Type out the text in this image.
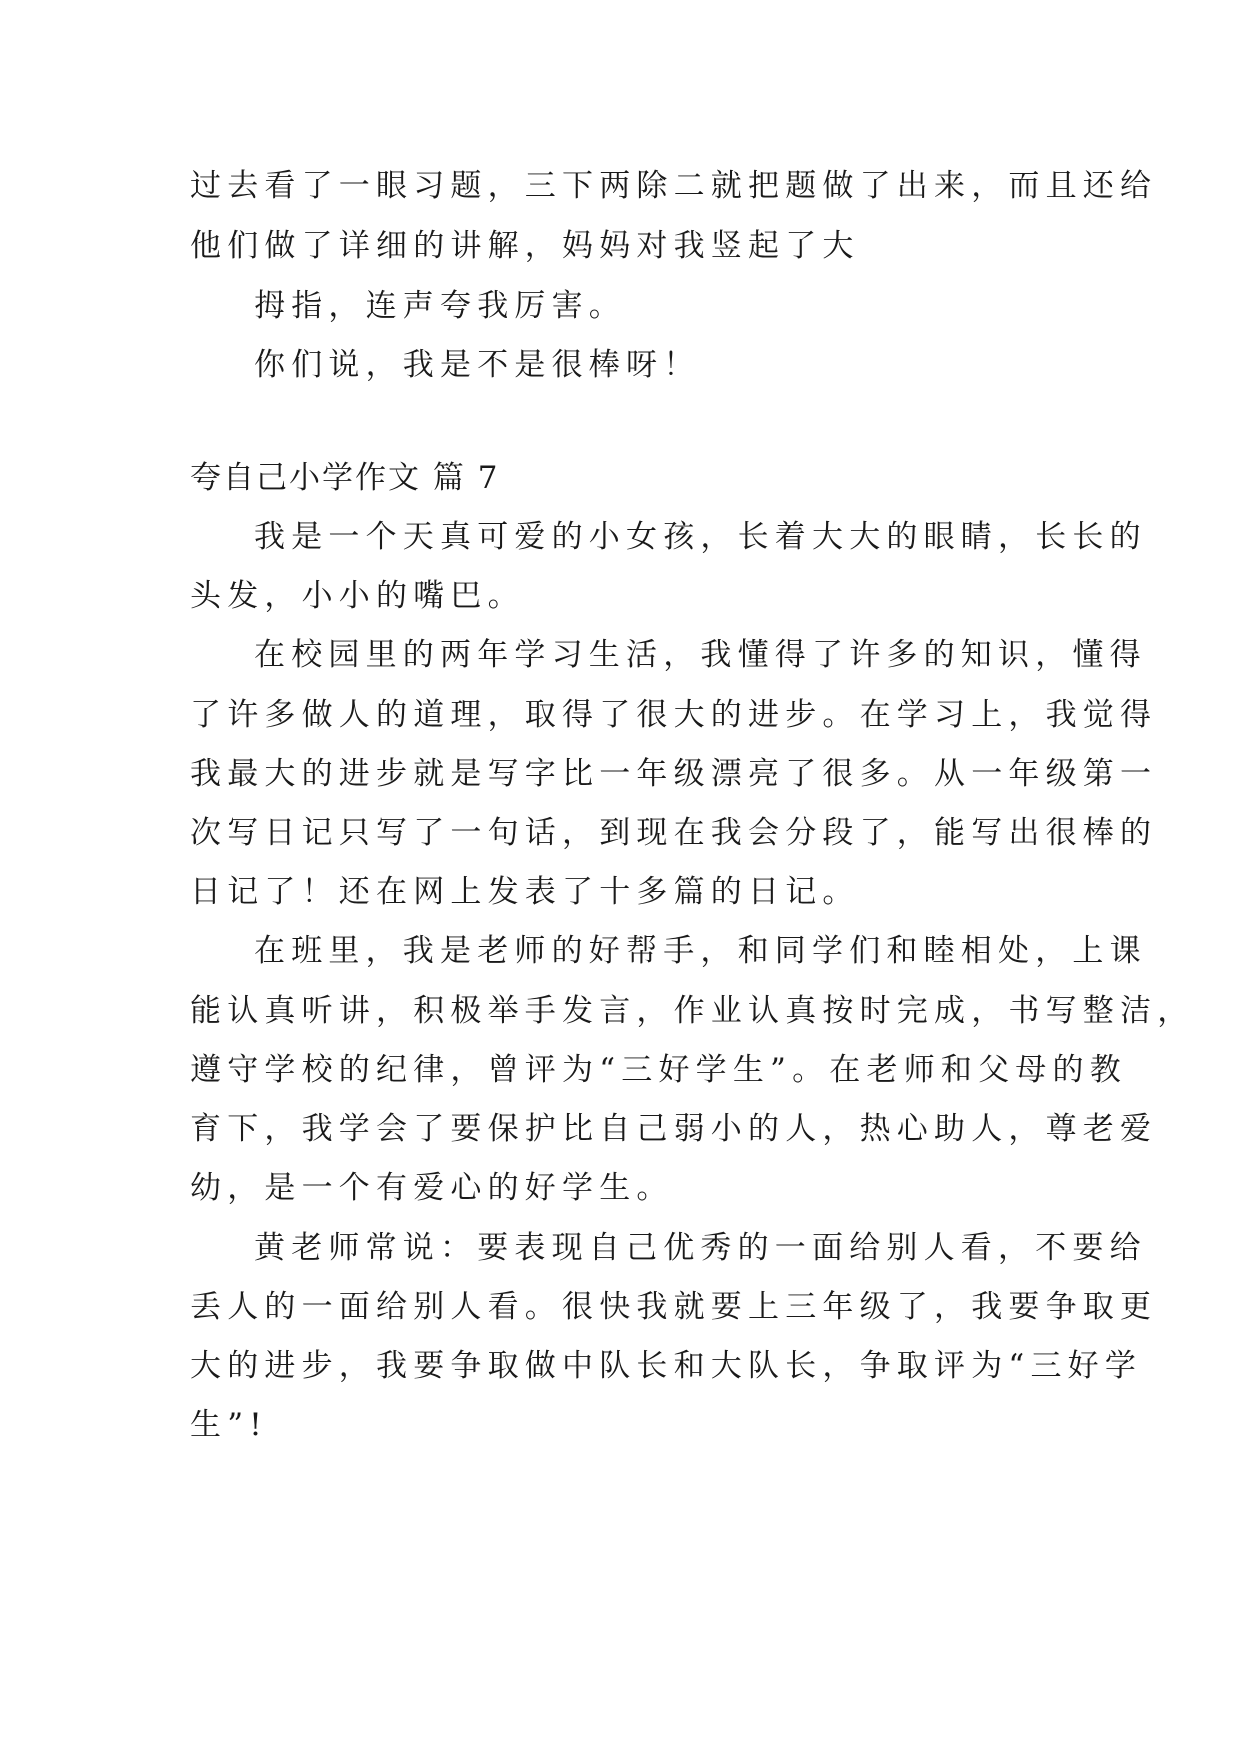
过去看了一眼习题，三下两除二就把题做了出来，而且还给
他们做了详细的讲解，妈妈对我竖起了大
拇指，连声夸我厉害。
你们说，我是不是很棒呀！
夸自己小学作文 篇 7
我是一个天真可爱的小女孩，长着大大的眼睛，长长的
头发，小小的嘴巴。
在校园里的两年学习生活，我懂得了许多的知识，懂得
了许多做人的道理，取得了很大的进步。在学习上，我觉得
我最大的进步就是写字比一年级漂亮了很多。从一年级第一
次写日记只写了一句话，到现在我会分段了，能写出很棒的
日记了！还在网上发表了十多篇的日记。
在班里，我是老师的好帮手，和同学们和睦相处，上课
能认真听讲，积极举手发言，作业认真按时完成，书写整洁，
遵守学校的纪律，曾评为“三好学生”。在老师和父母的教
育下，我学会了要保护比自己弱小的人，热心助人，尊老爱
幼，是一个有爱心的好学生。
黄老师常说：要表现自己优秀的一面给别人看，不要给
丢人的一面给别人看。很快我就要上三年级了，我要争取更
大的进步，我要争取做中队长和大队长，争取评为“三好学
生”!
